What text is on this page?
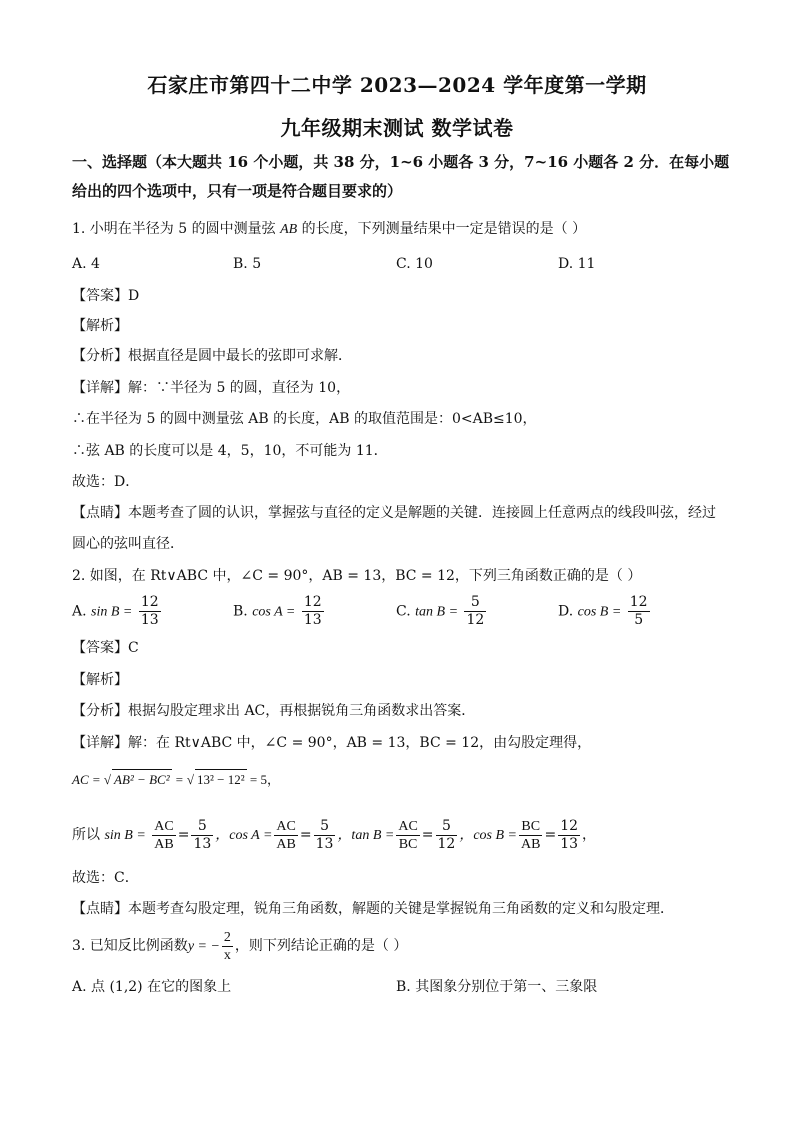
石家庄市第四十二中学 2023—2024 学年度第一学期
九年级期末测试 数学试卷
一、选择题（本大题共 16 个小题，共 38 分，1~6 小题各 3 分，7~16 小题各 2 分．在每小题
给出的四个选项中，只有一项是符合题目要求的）
1. 小明在半径为 5 的圆中测量弦 AB 的长度，下列测量结果中一定是错误的是（ ）
A. 4	B. 5	C. 10	D. 11
【答案】D
【解析】
【分析】根据直径是圆中最长的弦即可求解．
【详解】解：∵半径为 5 的圆，直径为 10，
∴在半径为 5 的圆中测量弦 AB 的长度，AB 的取值范围是：0<AB≤10，
∴弦 AB 的长度可以是 4，5，10，不可能为 11．
故选：D．
【点睛】本题考查了圆的认识，掌握弦与直径的定义是解题的关键．连接圆上任意两点的线段叫弦，经过
圆心的弦叫直径．
2. 如图，在 Rt∨ABC 中，∠C = 90°，AB = 13，BC = 12，下列三角函数正确的是（ ）
A. $\sin B = \frac{12}{13}$	B. $\cos A = \frac{12}{13}$	C. $\tan B = \frac{5}{12}$	D. $\cos B = \frac{12}{5}$
【答案】C
【解析】
【分析】根据勾股定理求出 AC，再根据锐角三角函数求出答案．
【详解】解：在 Rt∨ABC 中，∠C = 90°，AB = 13，BC = 12，由勾股定理得，
AC = √ AB² − BC² = √ 13² − 12² = 5，
所以 $\sin B = \frac{AC}{AB} = \frac{5}{13}$ ，$\cos A = \frac{AC}{AB} = \frac{5}{13}$ ，$\tan B = \frac{AC}{BC} = \frac{5}{12}$ ，$\cos B = \frac{BC}{AB} = \frac{12}{13}$ ，
故选：C．
【点睛】本题考查勾股定理，锐角三角函数，解题的关键是掌握锐角三角函数的定义和勾股定理．
3. 已知反比例函数y = − $\frac{2}{x}$ ，则下列结论正确的是（ ）
A. 点 (1,2) 在它的图象上	B. 其图象分别位于第一、三象限
